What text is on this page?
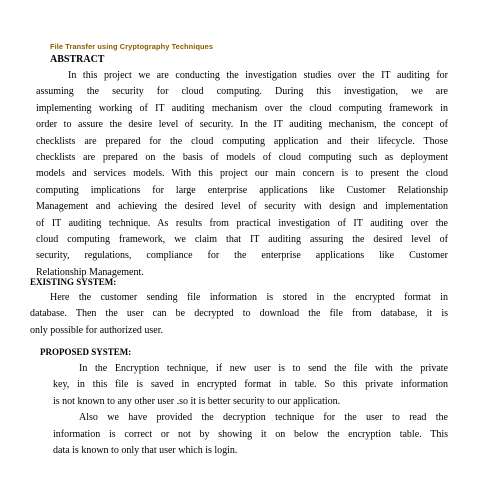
File Transfer using Cryptography Techniques
ABSTRACT
In this project we are conducting the investigation studies over the IT auditing for
assuming the security for cloud computing. During this investigation, we are
implementing working of IT auditing mechanism over the cloud computing framework in
order to assure the desire level of security. In the IT auditing mechanism, the concept of
checklists are prepared for the cloud computing application and their lifecycle. Those
checklists are prepared on the basis of models of cloud computing such as deployment
models and services models. With this project our main concern is to present the cloud
computing implications for large enterprise applications like Customer Relationship
Management and achieving the desired level of security with design and implementation
of IT auditing technique. As results from practical investigation of IT auditing over the
cloud computing framework, we claim that IT auditing assuring the desired level of
security, regulations, compliance for the enterprise applications like Customer
Relationship Management.
EXISTING SYSTEM:
Here the customer sending file information is stored in the encrypted format in
database. Then the user can be decrypted to download the file from database, it is
only possible for authorized user.
PROPOSED SYSTEM:
In the Encryption technique, if new user is to send the file with the private
key, in this file is saved in encrypted format in table. So this private information
is not known to any other user .so it is better security to our application.
Also we have provided the decryption technique for the user to read the
information is correct or not by showing it on below the encryption table. This
data is known to only that user which is login.
